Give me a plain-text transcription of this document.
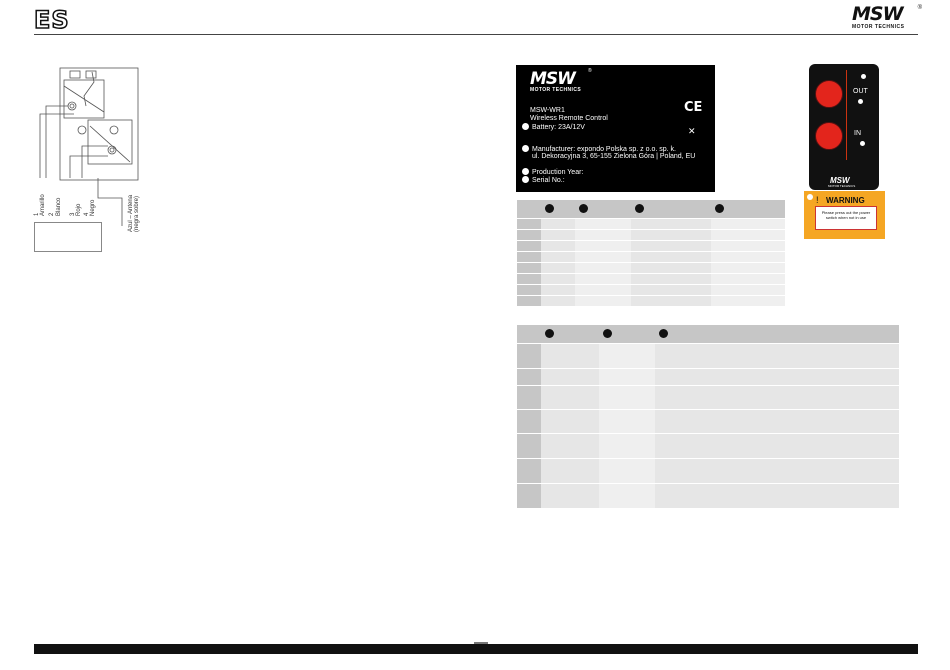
ES	MSW
MOTOR TECHNICS
®
1 2	3 4
Amarillo Blanco Rojo Negro	Azul – Antena (negra sobre)
MSW	®
MOTOR TECHNICS
MSW-WR1
Wireless Remote Control
Battery: 23A/12V
Manufacturer: expondo Polska sp. z o.o. sp. k.
ul. Dekoracyjna 3, 65-155 Zielona Góra | Poland, EU
Production Year:
Serial No.:
CE
✕
OUT
IN
MSW
MOTOR TECHNICS
! WARNING
Please press out the power switch when not in use
